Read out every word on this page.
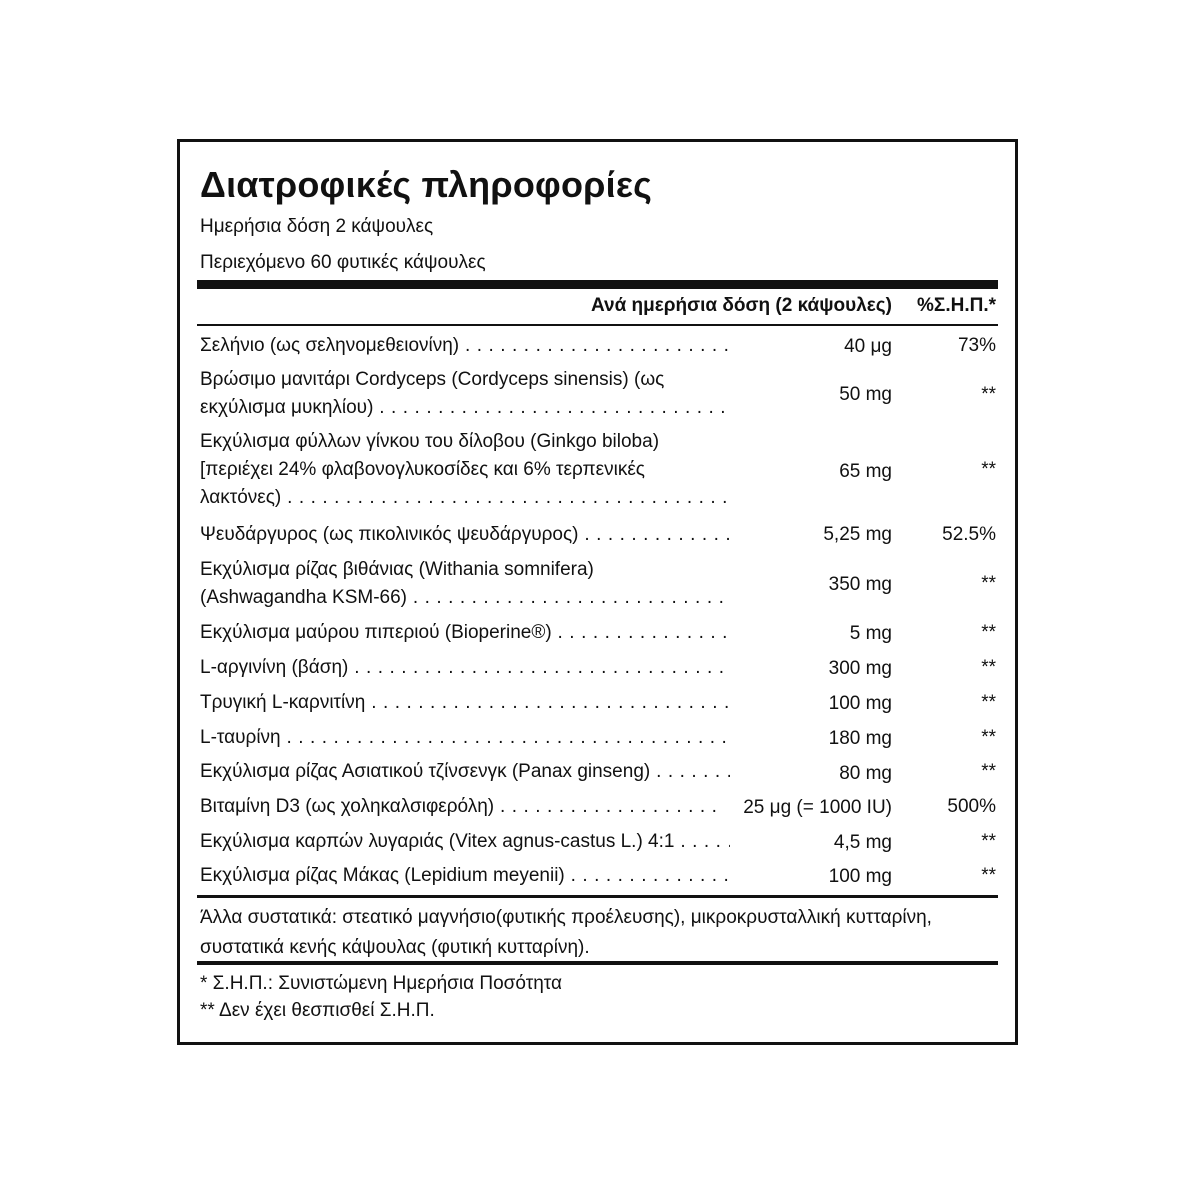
Διατροφικές πληροφορίες
Ημερήσια δόση 2 κάψουλες
Περιεχόμενο 60 φυτικές κάψουλες
Ανά ημερήσια δόση (2 κάψουλες) %Σ.Η.Π.*
Σελήνιο (ως σεληνομεθειονίνη) . . .	40 μg	73%
Βρώσιμο μανιτάρι Cordyceps (Cordyceps sinensis) (ως
εκχύλισμα μυκηλίου) . . .
50 mg	**
Εκχύλισμα φύλλων γίνκου του δίλοβου (Ginkgo biloba)
[περιέχει 24% φλαβονογλυκοσίδες και 6% τερπενικές
λακτόνες) . . .
65 mg	**
Ψευδάργυρος (ως πικολινικός ψευδάργυρος) . . .	5,25 mg	52.5%
Εκχύλισμα ρίζας βιθάνιας (Withania somnifera)
(Ashwagandha KSM-66) . . .
350 mg	**
Εκχύλισμα μαύρου πιπεριού (Bioperine®) . . .	5 mg	**
L-αργινίνη (βάση) . . .	300 mg	**
Τρυγική L-καρνιτίνη . . .	100 mg	**
L-ταυρίνη . . .	180 mg	**
Εκχύλισμα ρίζας Ασιατικού τζίνσενγκ (Panax ginseng) . . .	80 mg	**
Βιταμίνη D3 (ως χοληκαλσιφερόλη) . . .	25 μg (= 1000 IU)	500%
Εκχύλισμα καρπών λυγαριάς (Vitex agnus-castus L.) 4:1 . . .	4,5 mg	**
Εκχύλισμα ρίζας Μάκας (Lepidium meyenii) . . .	100 mg	**
Άλλα συστατικά: στεατικό μαγνήσιο(φυτικής προέλευσης), μικροκρυσταλλική κυτταρίνη, συστατικά κενής κάψουλας (φυτική κυτταρίνη).
* Σ.Η.Π.: Συνιστώμενη Ημερήσια Ποσότητα
** Δεν έχει θεσπισθεί Σ.Η.Π.
